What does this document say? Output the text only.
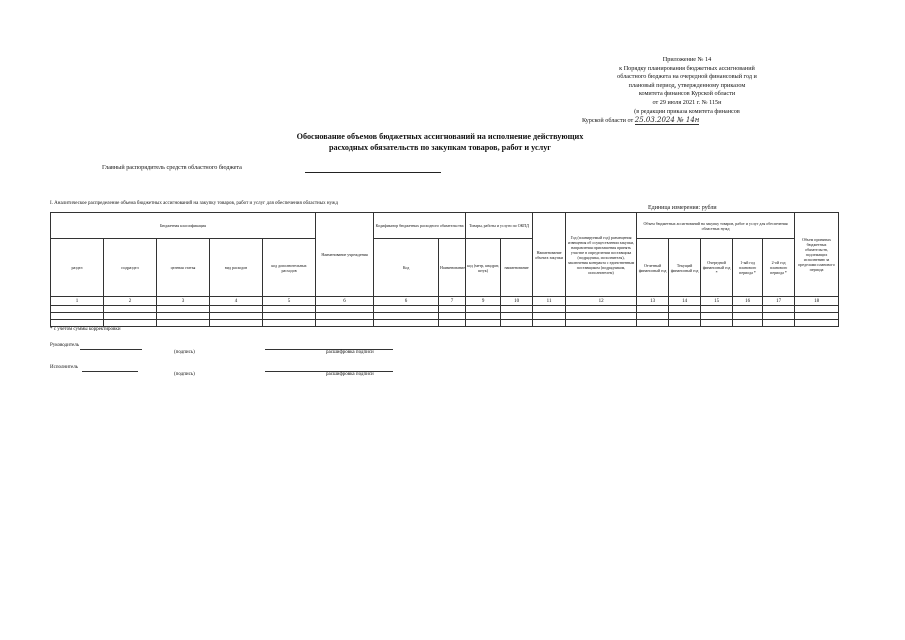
Приложение № 14
к Порядку планирования бюджетных ассигнований
областного бюджета на очередной финансовый год и
плановый период, утвержденному приказом
комитета финансов Курской области
от 29 июля 2021 г. № 115н
(в редакции приказа комитета финансов
Курской области от 25.03.2024 № 14н
Обоснование объемов бюджетных ассигнований на исполнение действующих
расходных обязательств по закупкам товаров, работ и услуг
Главный распорядитель средств областного бюджета
I. Аналитическое распределение объема бюджетных ассигнований на закупку товаров, работ и услуг для обеспечения областных нужд
Единица измерения: рубли
Бюджетная классификация					Наименование учреждения	Кодификатор бюджетных расходного обязательства		Товары, работы и услуги по ОКПД		Наименование объекта закупки	Год (планируемый год) размещения извещения об осуществлении закупки, направления приглашения принять участие в определении поставщика (подрядчика, исполнителя), заключения контракта с единственным поставщиком (подрядчиком, исполнителем)	Объем бюджетных ассигнований на закупку товаров, работ и услуг для обеспечения областных нужд					Объем принятых бюджетных обязательств, подлежащих исполнению за пределами планового периода
раздел	подраздел	целевая статья	вид расходов	код дополнительных расходов		Код	Наименование	код (метр, квадрат, штук)	наименование			Отчетный финансовый год	Текущий финансовый год	Очередной финансовый год *	1-ый год планового периода *	2-ой год планового периода *	
1	2	3	4	5	6	6	7	9	10	11	12	13	14	15	16	17	18

* с учетом суммы корректировки
Руководитель
(подпись)	расшифровка подписи
Исполнитель
(подпись)	расшифровка подписи
